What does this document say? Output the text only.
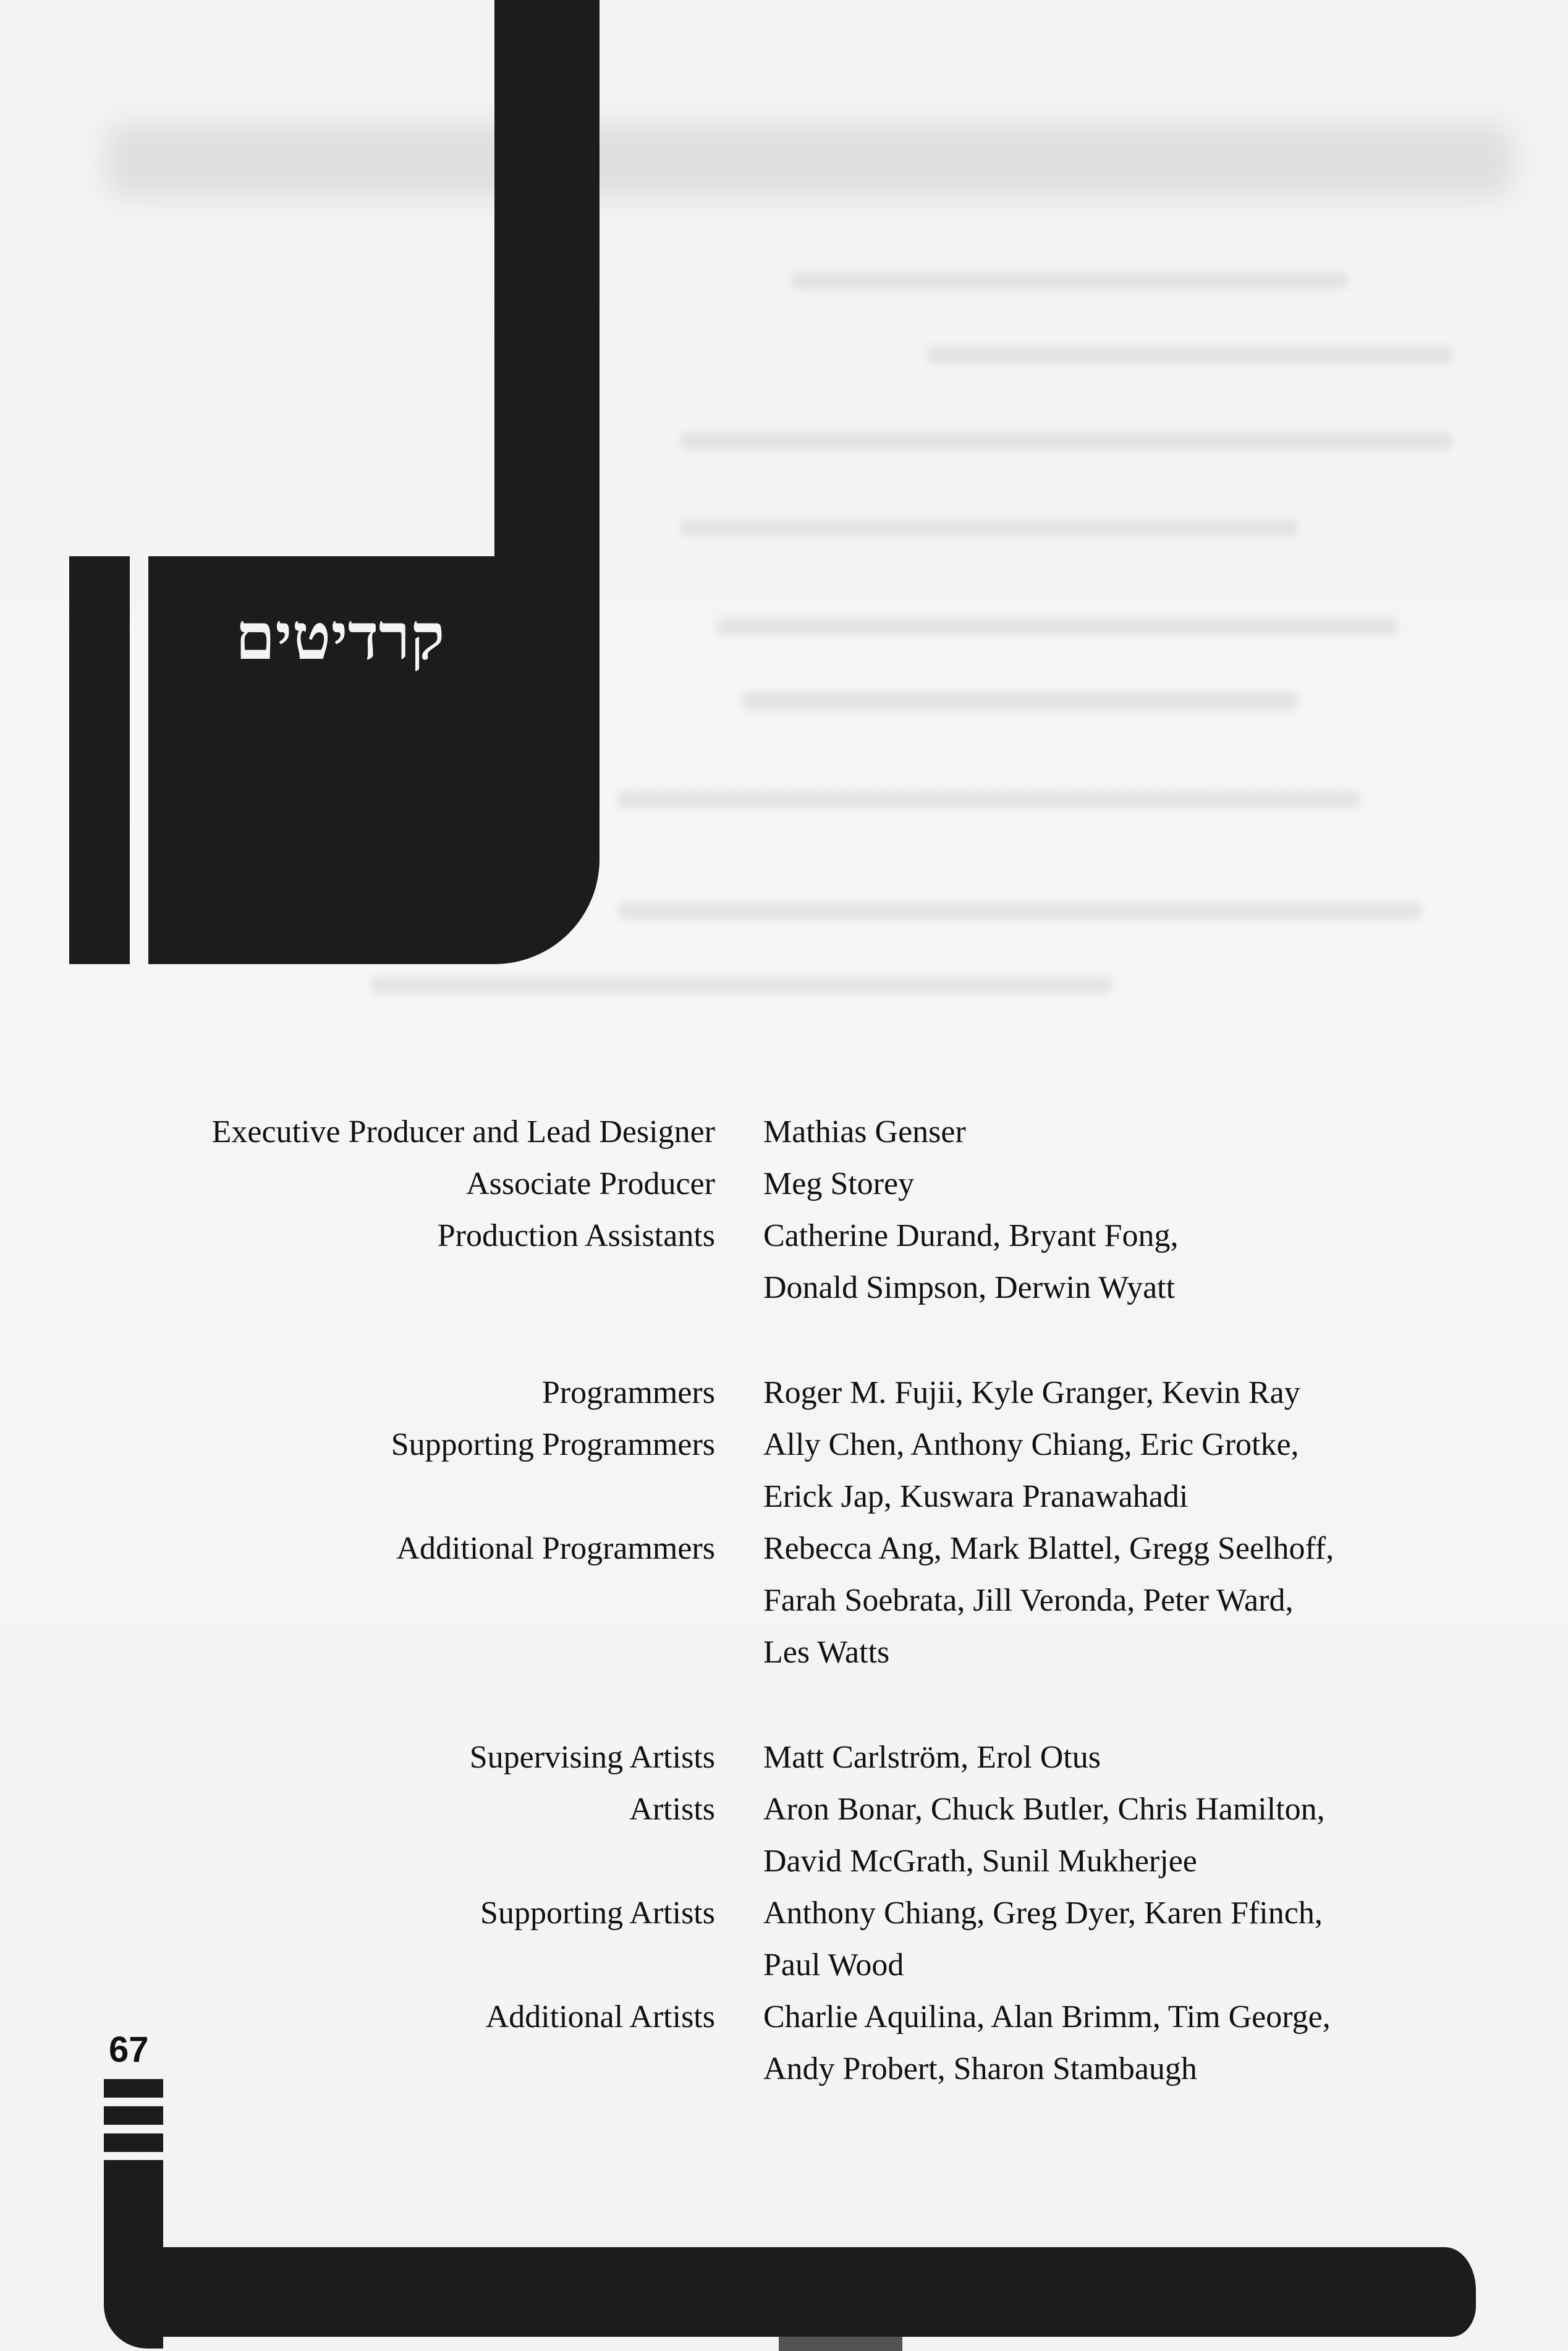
קרדיטים
Executive Producer and Lead Designer	Mathias Genser
Associate Producer	Meg Storey
Production Assistants	Catherine Durand, Bryant Fong,
Donald Simpson, Derwin Wyatt
Programmers	Roger M. Fujii, Kyle Granger, Kevin Ray
Supporting Programmers	Ally Chen, Anthony Chiang, Eric Grotke,
Erick Jap, Kuswara Pranawahadi
Additional Programmers	Rebecca Ang, Mark Blattel, Gregg Seelhoff,
Farah Soebrata, Jill Veronda, Peter Ward,
Les Watts
Supervising Artists	Matt Carlström, Erol Otus
Artists	Aron Bonar, Chuck Butler, Chris Hamilton,
David McGrath, Sunil Mukherjee
Supporting Artists	Anthony Chiang, Greg Dyer, Karen Ffinch,
Paul Wood
Additional Artists	Charlie Aquilina, Alan Brimm, Tim George,
Andy Probert, Sharon Stambaugh
67
